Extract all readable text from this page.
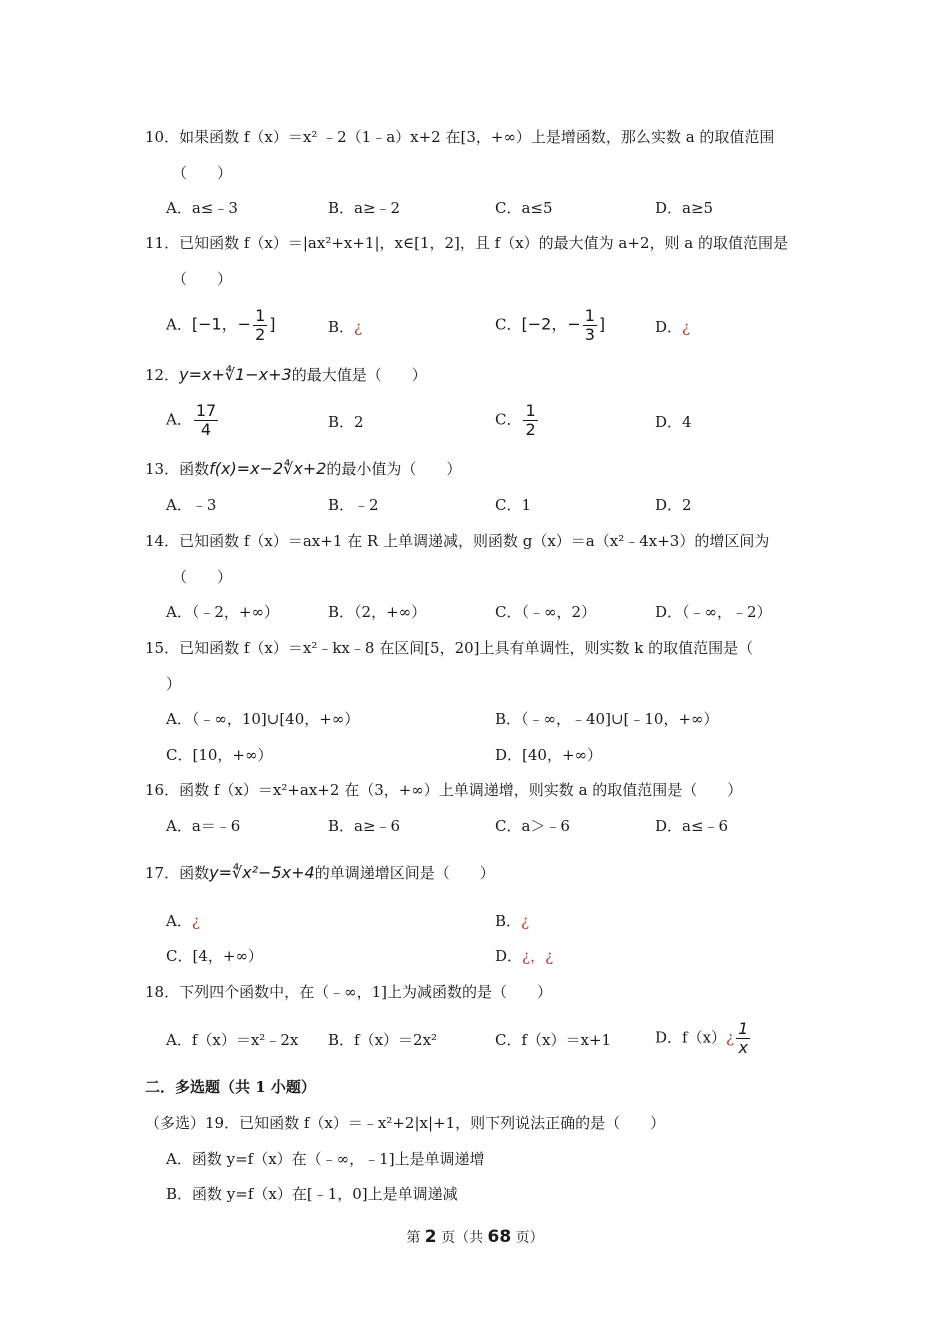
10．如果函数 f（x）＝x² ﹣2（1﹣a）x+2 在[3，+∞）上是增函数，那么实数 a 的取值范围
（　　）
A．a≤﹣3	B．a≥﹣2	C．a≤5	D．a≥5
11．已知函数 f（x）＝|ax²+x+1|，x∈[1，2]，且 f（x）的最大值为 a+2，则 a 的取值范围是
（　　）
A．[−1，− $\frac{1}{2}$ ]	B．¿	C．[−2，− $\frac{1}{3}$ ]	D．¿
12．y=x+∜1−x+3的最大值是（　　）
A． $\frac{17}{4}$	B．2	C． $\frac{1}{2}$	D．4
13．函数f(x)=x−2∜x+2的最小值为（　　）
A．﹣3	B．﹣2	C．1	D．2
14．已知函数 f（x）＝ax+1 在 R 上单调递减，则函数 g（x）＝a（x²﹣4x+3）的增区间为
（　　）
A．（﹣2，+∞）	B．（2，+∞）	C．（﹣∞，2）	D．（﹣∞，﹣2）
15．已知函数 f（x）＝x²﹣kx﹣8 在区间[5，20]上具有单调性，则实数 k 的取值范围是（
）
A．（﹣∞，10]∪[40，+∞）	B．（﹣∞，﹣40]∪[﹣10，+∞）
C．[10，+∞）	D．[40，+∞）
16．函数 f（x）＝x²+ax+2 在（3，+∞）上单调递增，则实数 a 的取值范围是（　　）
A．a＝﹣6	B．a≥﹣6	C．a＞﹣6	D．a≤﹣6
17．函数y=∜x²−5x+4的单调递增区间是（　　）
A．¿	B．¿
C．[4，+∞）	D．¿，¿
18．下列四个函数中，在（﹣∞，1]上为减函数的是（　　）
A．f（x）＝x²﹣2x B．f（x）＝2x²	C．f（x）＝x+1	D．f（x）¿ $\frac{1}{x}$
二．多选题（共 1 小题）
（多选）19．已知函数 f（x）＝﹣x²+2|x|+1，则下列说法正确的是（　　）
A．函数 y=f（x）在（﹣∞，﹣1]上是单调递增
B．函数 y=f（x）在[﹣1，0]上是单调递减
第 2 页（共 68 页）
